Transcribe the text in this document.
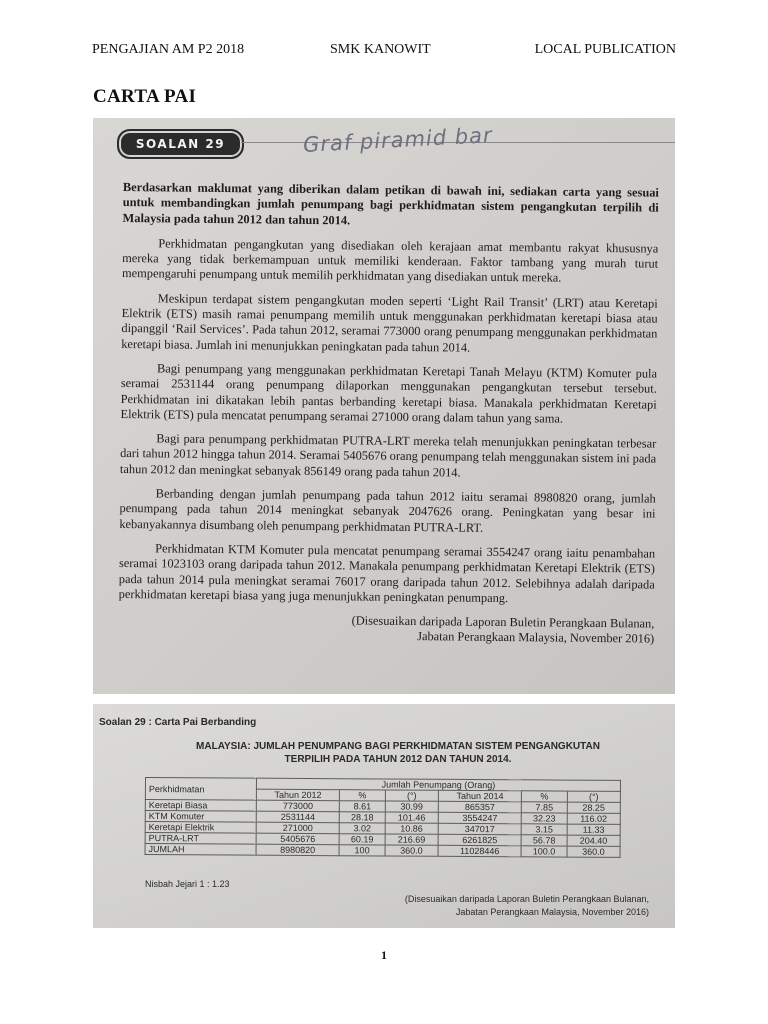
PENGAJIAN AM P2 2018	SMK KANOWIT	LOCAL PUBLICATION
CARTA PAI
SOALAN 29	Graf piramid bar

Berdasarkan maklumat yang diberikan dalam petikan di bawah ini, sediakan carta yang sesuai untuk membandingkan jumlah penumpang bagi perkhidmatan sistem pengangkutan terpilih di Malaysia pada tahun 2012 dan tahun 2014.

Perkhidmatan pengangkutan yang disediakan oleh kerajaan amat membantu rakyat khususnya mereka yang tidak berkemampuan untuk memiliki kenderaan. Faktor tambang yang murah turut mempengaruhi penumpang untuk memilih perkhidmatan yang disediakan untuk mereka.

Meskipun terdapat sistem pengangkutan moden seperti ‘Light Rail Transit’ (LRT) atau Keretapi Elektrik (ETS) masih ramai penumpang memilih untuk menggunakan perkhidmatan keretapi biasa atau dipanggil ‘Rail Services’. Pada tahun 2012, seramai 773000 orang penumpang menggunakan perkhidmatan keretapi biasa. Jumlah ini menunjukkan peningkatan pada tahun 2014.

Bagi penumpang yang menggunakan perkhidmatan Keretapi Tanah Melayu (KTM) Komuter pula seramai 2531144 orang penumpang dilaporkan menggunakan pengangkutan tersebut tersebut. Perkhidmatan ini dikatakan lebih pantas berbanding keretapi biasa. Manakala perkhidmatan Keretapi Elektrik (ETS) pula mencatat penumpang seramai 271000 orang dalam tahun yang sama.

Bagi para penumpang perkhidmatan PUTRA-LRT mereka telah menunjukkan peningkatan terbesar dari tahun 2012 hingga tahun 2014. Seramai 5405676 orang penumpang telah menggunakan sistem ini pada tahun 2012 dan meningkat sebanyak 856149 orang pada tahun 2014.

Berbanding dengan jumlah penumpang pada tahun 2012 iaitu seramai 8980820 orang, jumlah penumpang pada tahun 2014 meningkat sebanyak 2047626 orang. Peningkatan yang besar ini kebanyakannya disumbang oleh penumpang perkhidmatan PUTRA-LRT.

Perkhidmatan KTM Komuter pula mencatat penumpang seramai 3554247 orang iaitu penambahan seramai 1023103 orang daripada tahun 2012. Manakala penumpang perkhidmatan Keretapi Elektrik (ETS) pada tahun 2014 pula meningkat seramai 76017 orang daripada tahun 2012. Selebihnya adalah daripada perkhidmatan keretapi biasa yang juga menunjukkan peningkatan penumpang.

(Disesuaikan daripada Laporan Buletin Perangkaan Bulanan,
Jabatan Perangkaan Malaysia, November 2016)
Soalan 29 : Carta Pai Berbanding
MALAYSIA: JUMLAH PENUMPANG BAGI PERKHIDMATAN SISTEM PENGANGKUTAN
TERPILIH PADA TAHUN 2012 DAN TAHUN 2014.
Perkhidmatan	Jumlah Penumpang (Orang)					
	Tahun 2012	%	(°)	Tahun 2014	%	(°)
Keretapi Biasa	773000	8.61	30.99	865357	7.85	28.25
KTM Komuter	2531144	28.18	101.46	3554247	32.23	116.02
Keretapi Elektrik	271000	3.02	10.86	347017	3.15	11.33
PUTRA-LRT	5405676	60.19	216.69	6261825	56.78	204.40
JUMLAH	8980820	100	360.0	11028446	100.0	360.0
Nisbah Jejari 1 : 1.23
(Disesuaikan daripada Laporan Buletin Perangkaan Bulanan,
Jabatan Perangkaan Malaysia, November 2016)
1
